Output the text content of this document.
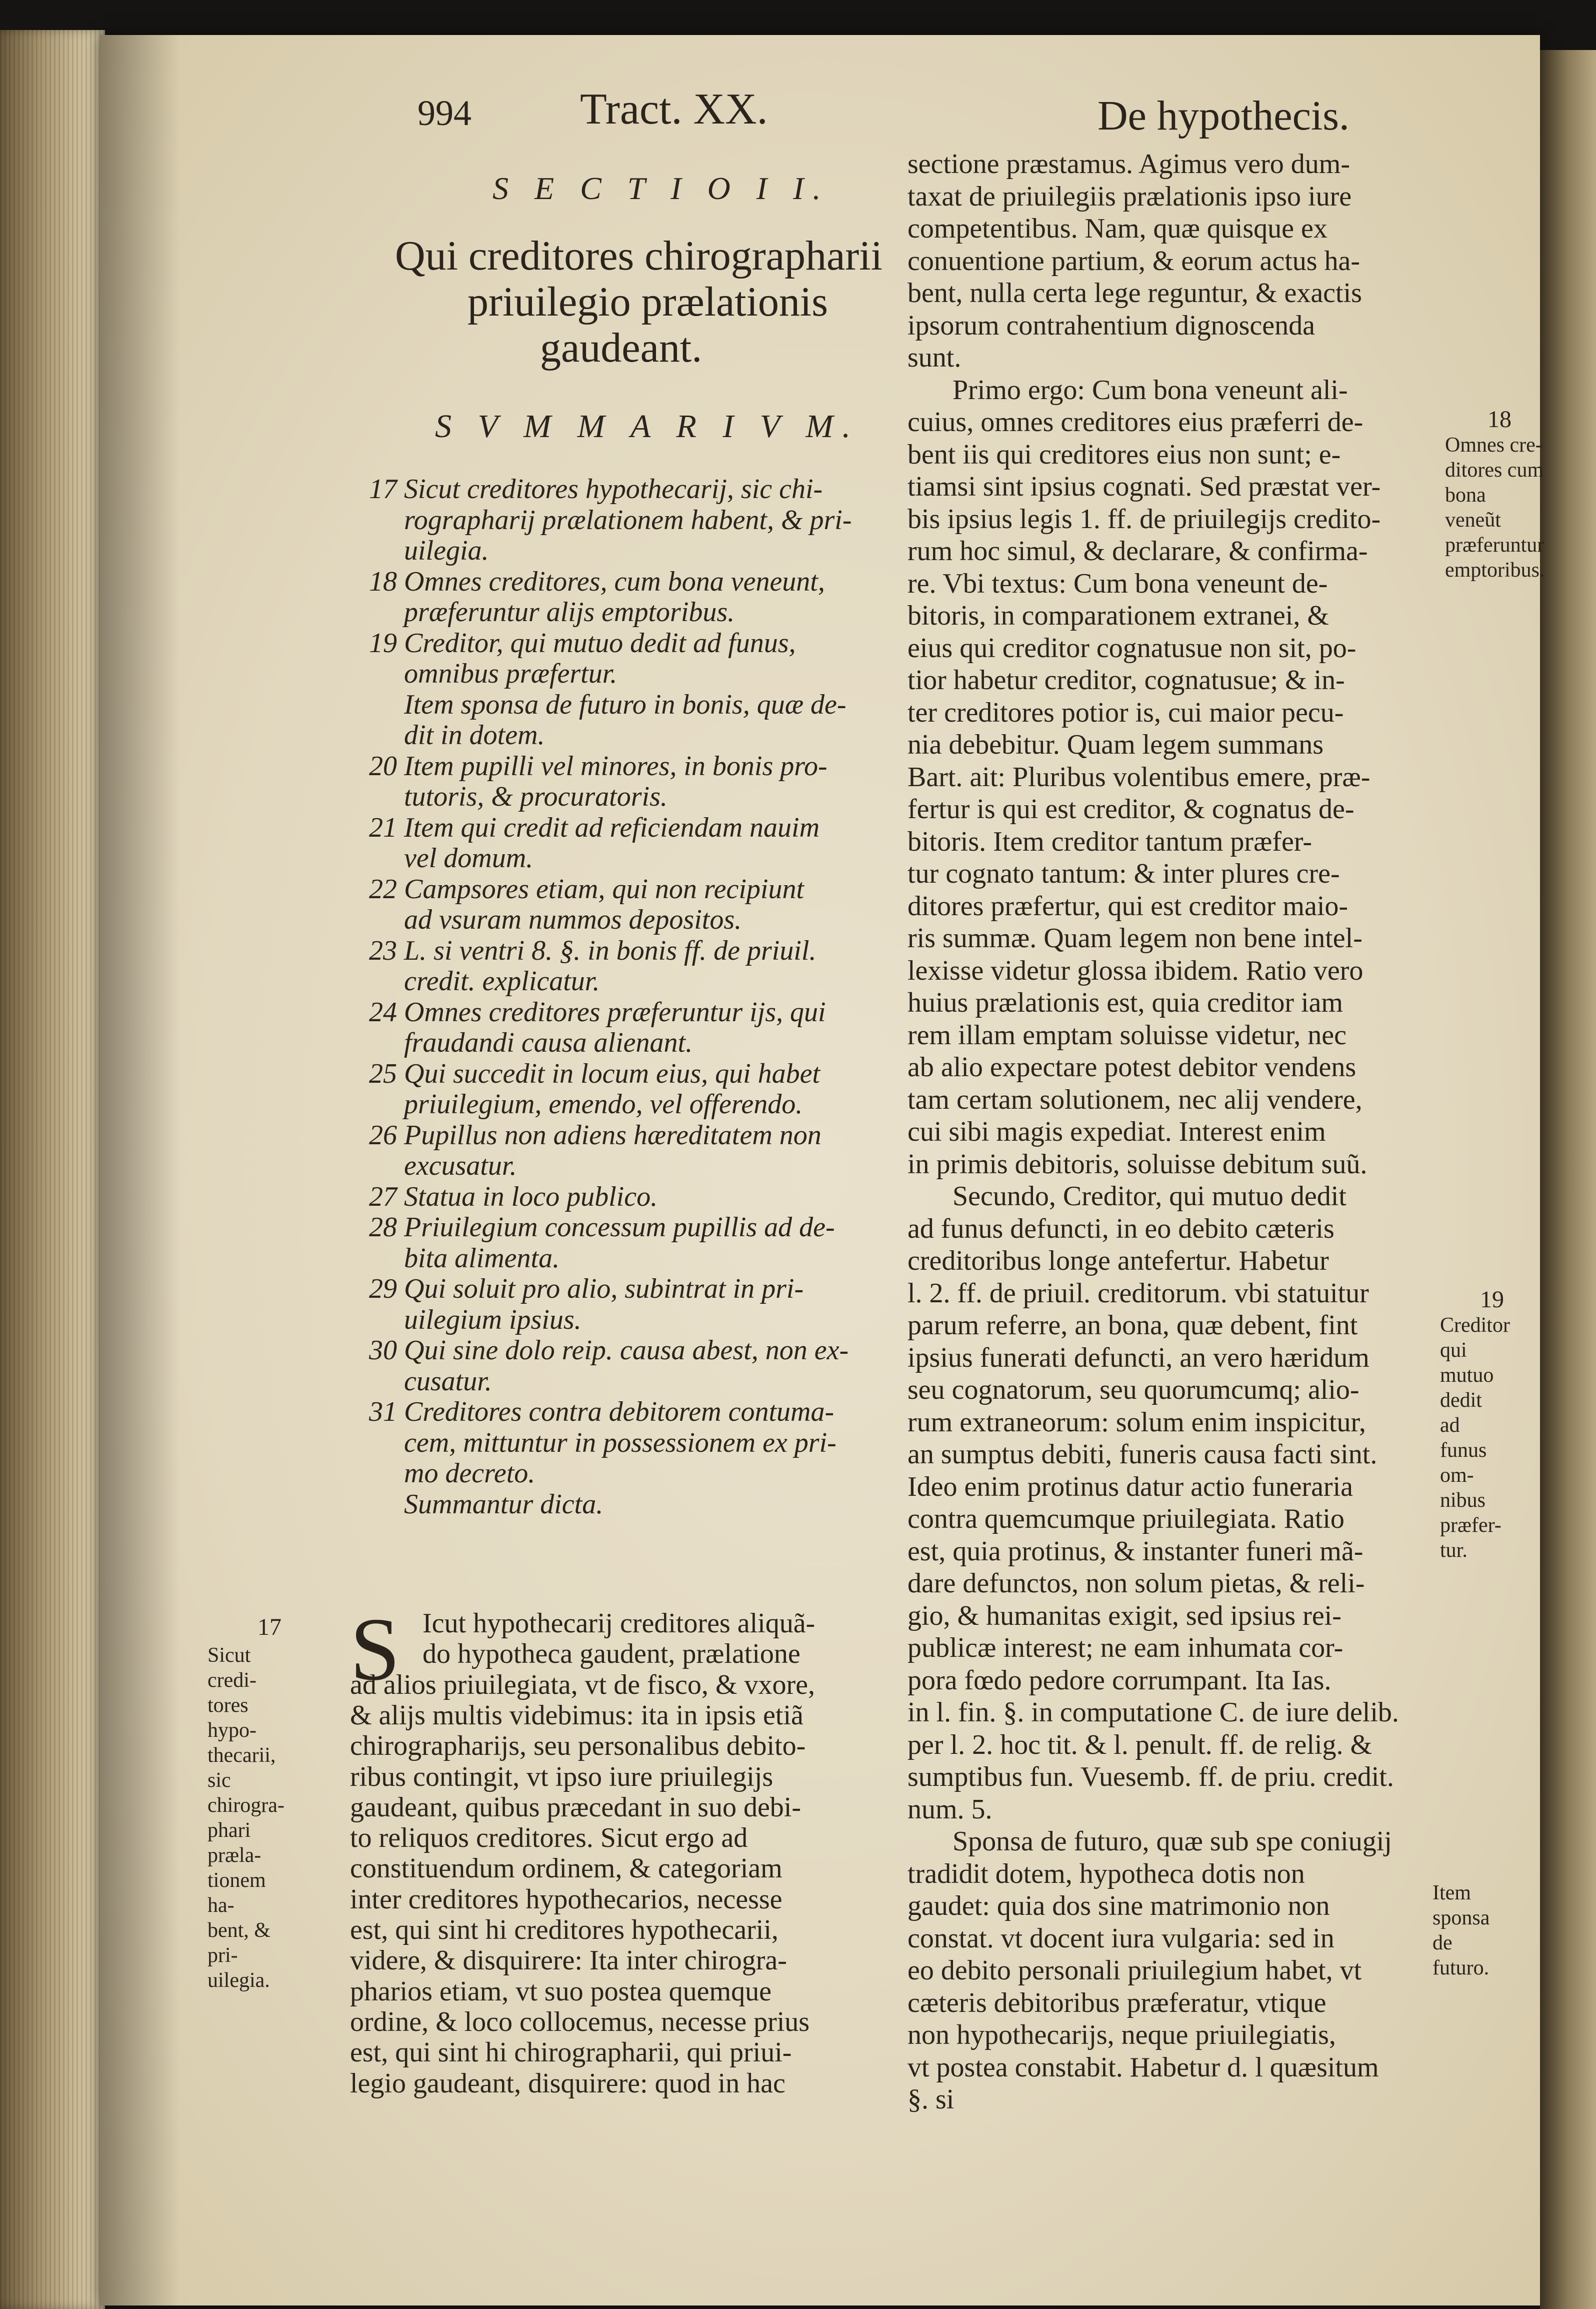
994 Tract. XX.	De hypothecis.
S E C T I O I I.
Qui creditores chirographarii
priuilegio prælationis
gaudeant.
S V M M A R I V M.
17 Sicut creditores hypothecarij, sic chi-
rographarij prælationem habent, & pri-
uilegia.
18 Omnes creditores, cum bona veneunt,
præferuntur alijs emptoribus.
19 Creditor, qui mutuo dedit ad funus,
omnibus præfertur.
Item sponsa de futuro in bonis, quæ de-
dit in dotem.
20 Item pupilli vel minores, in bonis pro-
tutoris, & procuratoris.
21 Item qui credit ad reficiendam nauim
vel domum.
22 Campsores etiam, qui non recipiunt
ad vsuram nummos depositos.
23 L. si ventri 8. §. in bonis ff. de priuil.
credit. explicatur.
24 Omnes creditores præferuntur ijs, qui
fraudandi causa alienant.
25 Qui succedit in locum eius, qui habet
priuilegium, emendo, vel offerendo.
26 Pupillus non adiens hæreditatem non
excusatur.
27 Statua in loco publico.
28 Priuilegium concessum pupillis ad de-
bita alimenta.
29 Qui soluit pro alio, subintrat in pri-
uilegium ipsius.
30 Qui sine dolo reip. causa abest, non ex-
cusatur.
31 Creditores contra debitorem contuma-
cem, mittuntur in possessionem ex pri-
mo decreto.
Summantur dicta.
S Icut hypothecarij creditores aliquã-
do hypotheca gaudent, prælatione
ad alios priuilegiata, vt de fisco, & vxore,
& alijs multis videbimus: ita in ipsis etiã
chirographarijs, seu personalibus debito-
ribus contingit, vt ipso iure priuilegijs
gaudeant, quibus præcedant in suo debi-
to reliquos creditores. Sicut ergo ad
constituendum ordinem, & categoriam
inter creditores hypothecarios, necesse
est, qui sint hi creditores hypothecarii,
videre, & disquirere: Ita inter chirogra-
pharios etiam, vt suo postea quemque
ordine, & loco collocemus, necesse prius
est, qui sint hi chirographarii, qui priui-
legio gaudeant, disquirere: quod in hac
sectione præstamus. Agimus vero dum-
taxat de priuilegiis prælationis ipso iure
competentibus. Nam, quæ quisque ex
conuentione partium, & eorum actus ha-
bent, nulla certa lege reguntur, & exactis
ipsorum contrahentium dignoscenda
sunt.
Primo ergo: Cum bona veneunt ali-
cuius, omnes creditores eius præferri de-
bent iis qui creditores eius non sunt; e-
tiamsi sint ipsius cognati. Sed præstat ver-
bis ipsius legis 1. ff. de priuilegijs credito-
rum hoc simul, & declarare, & confirma-
re. Vbi textus: Cum bona veneunt de-
bitoris, in comparationem extranei, &
eius qui creditor cognatusue non sit, po-
tior habetur creditor, cognatusue; & in-
ter creditores potior is, cui maior pecu-
nia debebitur. Quam legem summans
Bart. ait: Pluribus volentibus emere, præ-
fertur is qui est creditor, & cognatus de-
bitoris. Item creditor tantum præfer-
tur cognato tantum: & inter plures cre-
ditores præfertur, qui est creditor maio-
ris summæ. Quam legem non bene intel-
lexisse videtur glossa ibidem. Ratio vero
huius prælationis est, quia creditor iam
rem illam emptam soluisse videtur, nec
ab alio expectare potest debitor vendens
tam certam solutionem, nec alij vendere,
cui sibi magis expediat. Interest enim
in primis debitoris, soluisse debitum suũ.
Secundo, Creditor, qui mutuo dedit
ad funus defuncti, in eo debito cæteris
creditoribus longe antefertur. Habetur
l. 2. ff. de priuil. creditorum. vbi statuitur
parum referre, an bona, quæ debent, fint
ipsius funerati defuncti, an vero hæridum
seu cognatorum, seu quorumcumq; alio-
rum extraneorum: solum enim inspicitur,
an sumptus debiti, funeris causa facti sint.
Ideo enim protinus datur actio funeraria
contra quemcumque priuilegiata. Ratio
est, quia protinus, & instanter funeri mã-
dare defunctos, non solum pietas, & reli-
gio, & humanitas exigit, sed ipsius rei-
publicæ interest; ne eam inhumata cor-
pora fœdo pedore corrumpant. Ita Ias.
in l. fin. §. in computatione C. de iure delib.
per l. 2. hoc tit. & l. penult. ff. de relig. &
sumptibus fun. Vuesemb. ff. de priu. credit.
num. 5.
Sponsa de futuro, quæ sub spe coniugij
tradidit dotem, hypotheca dotis non
gaudet: quia dos sine matrimonio non
constat. vt docent iura vulgaria: sed in
eo debito personali priuilegium habet, vt
cæteris debitoribus præferatur, vtique
non hypothecarijs, neque priuilegiatis,
vt postea constabit. Habetur d. l quæsitum
§. si
17
Sicut credi-
tores hypo-
thecarii, sic
chirogra-
phari præla-
tionem ha-
bent, & pri-
uilegia.
18
Omnes cre-
ditores cum
bona veneũt
præferuntur
emptoribus.
19
Creditor qui
mutuo dedit
ad funus om-
nibus præfer-
tur.
Item sponsa
de futuro.
